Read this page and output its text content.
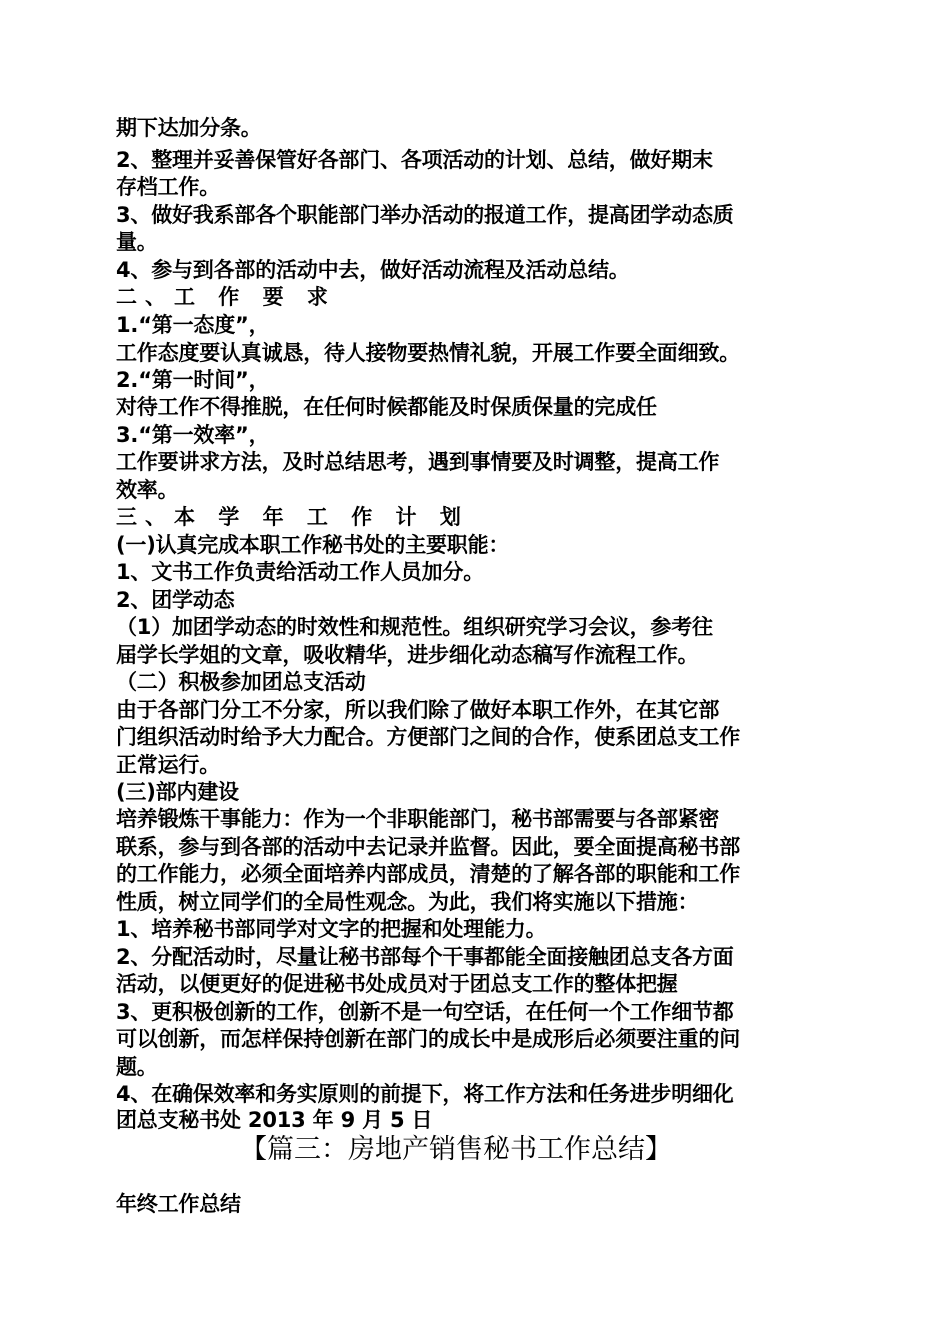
期下达加分条。
2、整理并妥善保管好各部门、各项活动的计划、总结，做好期末
存档工作。
3、做好我系部各个职能部门举办活动的报道工作，提高团学动态质
量。
4、参与到各部的活动中去，做好活动流程及活动总结。
二、工 作 要 求
1.“第一态度”，
工作态度要认真诚恳，待人接物要热情礼貌，开展工作要全面细致。
2.“第一时间”，
对待工作不得推脱，在任何时候都能及时保质保量的完成任
3.“第一效率”，
工作要讲求方法，及时总结思考，遇到事情要及时调整，提高工作
效率。
三、本 学 年 工 作 计 划
(一)认真完成本职工作秘书处的主要职能：
1、文书工作负责给活动工作人员加分。
2、团学动态
（1）加团学动态的时效性和规范性。组织研究学习会议，参考往
届学长学姐的文章，吸收精华，进步细化动态稿写作流程工作。
（二）积极参加团总支活动
由于各部门分工不分家，所以我们除了做好本职工作外，在其它部
门组织活动时给予大力配合。方便部门之间的合作，使系团总支工作
正常运行。
(三)部内建设
培养锻炼干事能力：作为一个非职能部门，秘书部需要与各部紧密
联系，参与到各部的活动中去记录并监督。因此，要全面提高秘书部
的工作能力，必须全面培养内部成员，清楚的了解各部的职能和工作
性质，树立同学们的全局性观念。为此，我们将实施以下措施：
1、培养秘书部同学对文字的把握和处理能力。
2、分配活动时，尽量让秘书部每个干事都能全面接触团总支各方面
活动，以便更好的促进秘书处成员对于团总支工作的整体把握
3、更积极创新的工作，创新不是一句空话，在任何一个工作细节都
可以创新，而怎样保持创新在部门的成长中是成形后必须要注重的问
题。
4、在确保效率和务实原则的前提下，将工作方法和任务进步明细化
团总支秘书处 2013 年 9 月 5 日
【篇三：房地产销售秘书工作总结】
年终工作总结
